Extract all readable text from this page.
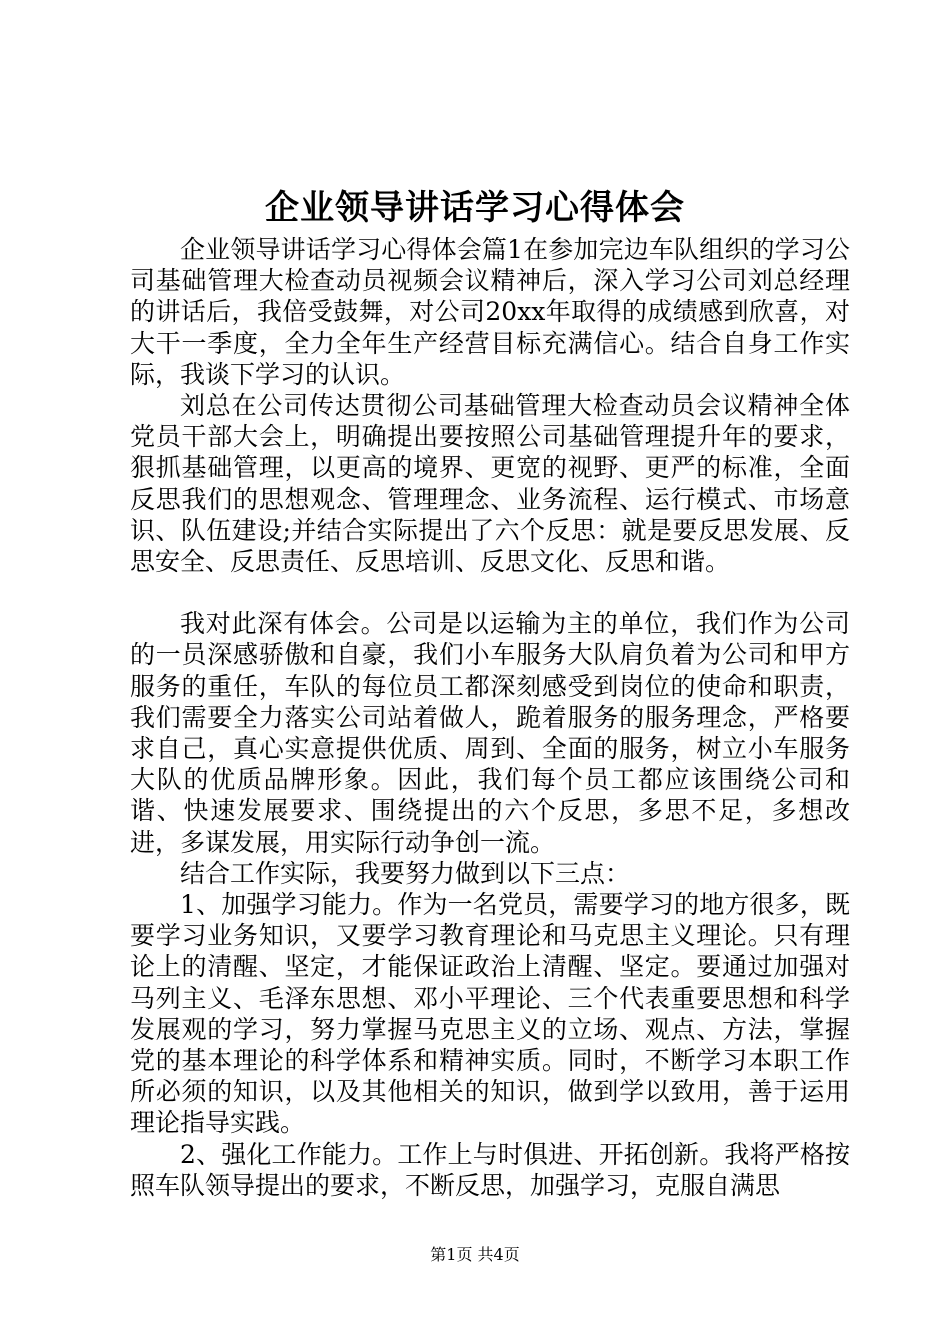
企业领导讲话学习心得体会

企业领导讲话学习心得体会篇1在参加完边车队组织的学习公司基础管理大检查动员视频会议精神后，深入学习公司刘总经理的讲话后，我倍受鼓舞，对公司20xx年取得的成绩感到欣喜，对大干一季度，全力全年生产经营目标充满信心。结合自身工作实际，我谈下学习的认识。

刘总在公司传达贯彻公司基础管理大检查动员会议精神全体党员干部大会上，明确提出要按照公司基础管理提升年的要求，狠抓基础管理，以更高的境界、更宽的视野、更严的标准，全面反思我们的思想观念、管理理念、业务流程、运行模式、市场意识、队伍建设;并结合实际提出了六个反思：就是要反思发展、反思安全、反思责任、反思培训、反思文化、反思和谐。

我对此深有体会。公司是以运输为主的单位，我们作为公司的一员深感骄傲和自豪，我们小车服务大队肩负着为公司和甲方服务的重任，车队的每位员工都深刻感受到岗位的使命和职责，我们需要全力落实公司站着做人，跪着服务的服务理念，严格要求自己，真心实意提供优质、周到、全面的服务，树立小车服务大队的优质品牌形象。因此，我们每个员工都应该围绕公司和谐、快速发展要求、围绕提出的六个反思，多思不足，多想改进，多谋发展，用实际行动争创一流。

结合工作实际，我要努力做到以下三点：

1、加强学习能力。作为一名党员，需要学习的地方很多，既要学习业务知识，又要学习教育理论和马克思主义理论。只有理论上的清醒、坚定，才能保证政治上清醒、坚定。要通过加强对马列主义、毛泽东思想、邓小平理论、三个代表重要思想和科学发展观的学习，努力掌握马克思主义的立场、观点、方法，掌握党的基本理论的科学体系和精神实质。同时，不断学习本职工作所必须的知识，以及其他相关的知识，做到学以致用，善于运用理论指导实践。

2、强化工作能力。工作上与时俱进、开拓创新。我将严格按照车队领导提出的要求，不断反思，加强学习，克服自满思

第1页 共4页
